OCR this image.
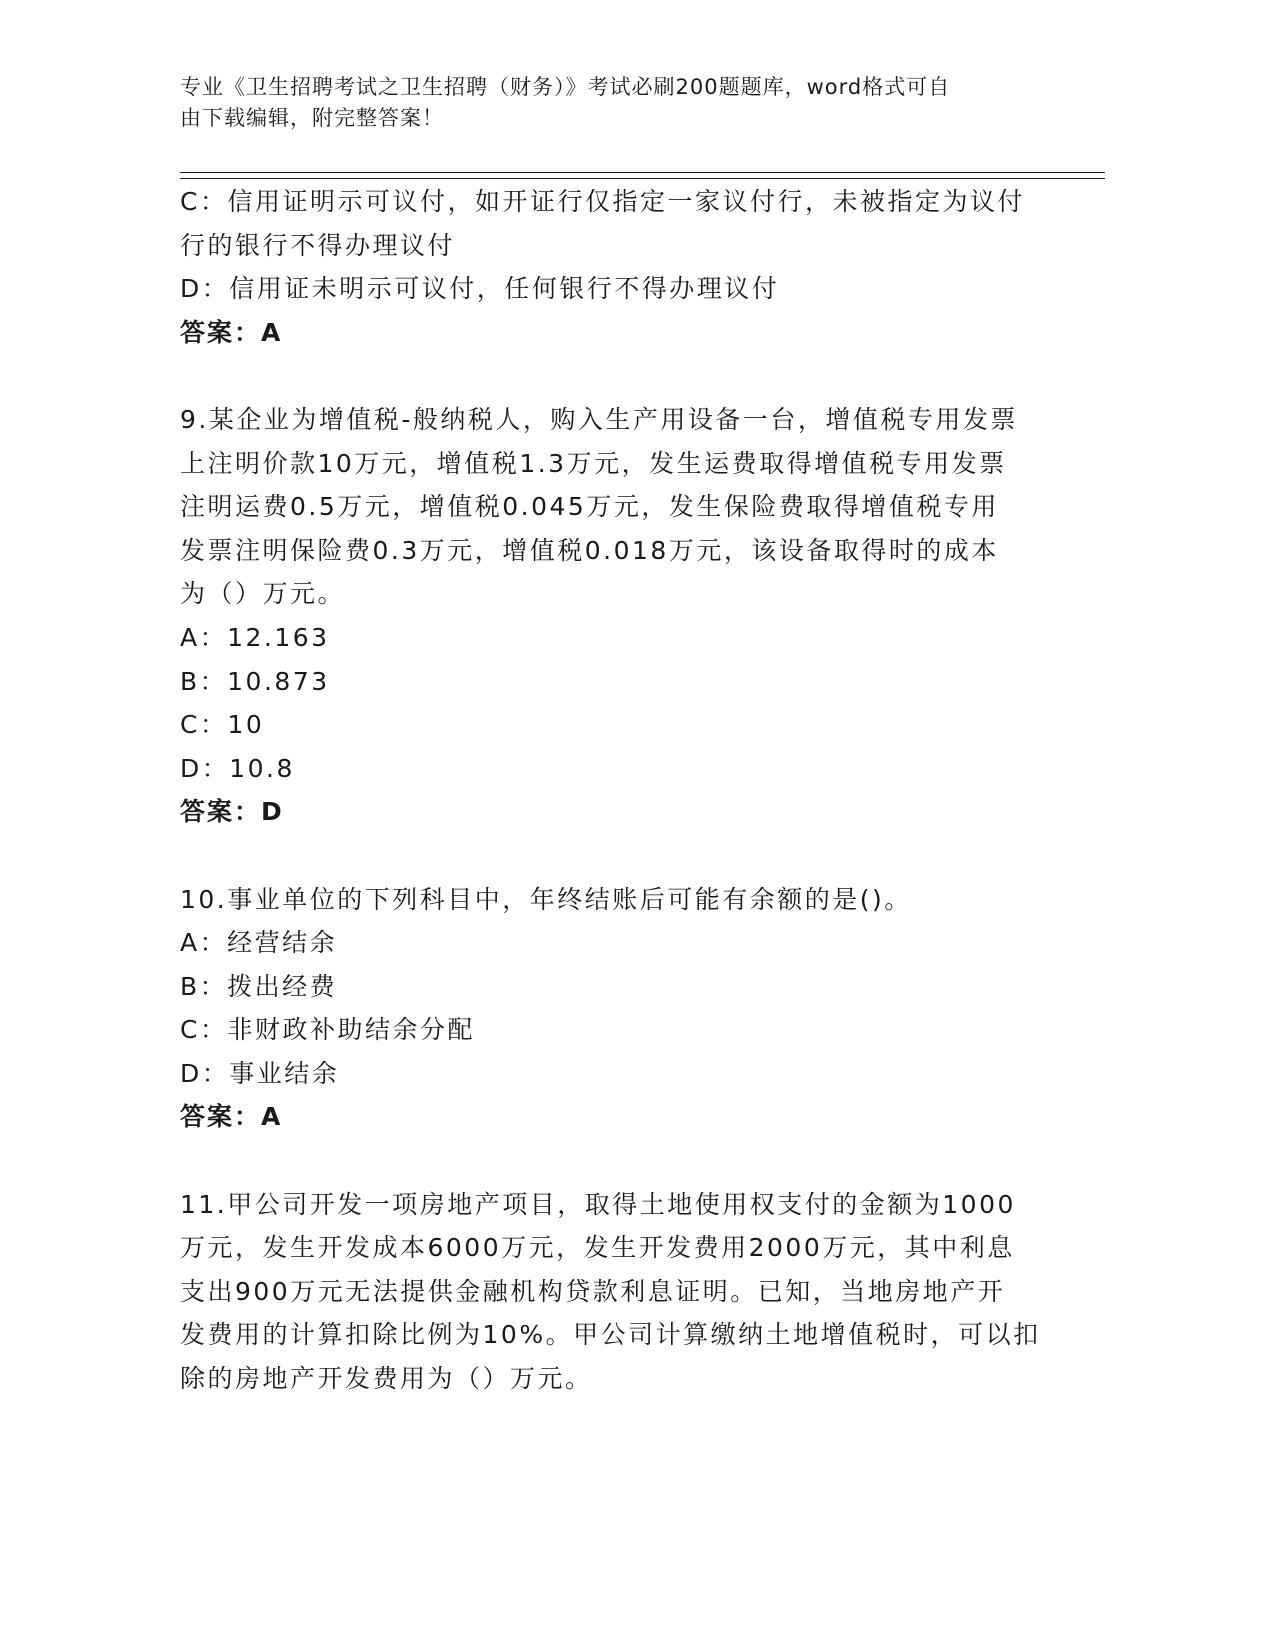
专业《卫生招聘考试之卫生招聘（财务）》考试必刷200题题库，word格式可自
由下载编辑，附完整答案！
C：信用证明示可议付，如开证行仅指定一家议付行，未被指定为议付
行的银行不得办理议付
D：信用证未明示可议付，任何银行不得办理议付
答案：A
9.某企业为增值税-般纳税人，购入生产用设备一台，增值税专用发票
上注明价款10万元，增值税1.3万元，发生运费取得增值税专用发票
注明运费0.5万元，增值税0.045万元，发生保险费取得增值税专用
发票注明保险费0.3万元，增值税0.018万元，该设备取得时的成本
为（）万元。
A：12.163
B：10.873
C：10
D：10.8
答案：D
10.事业单位的下列科目中，年终结账后可能有余额的是()。
A：经营结余
B：拨出经费
C：非财政补助结余分配
D：事业结余
答案：A
11.甲公司开发一项房地产项目，取得土地使用权支付的金额为1000
万元，发生开发成本6000万元，发生开发费用2000万元，其中利息
支出900万元无法提供金融机构贷款利息证明。已知，当地房地产开
发费用的计算扣除比例为10%。甲公司计算缴纳土地增值税时，可以扣
除的房地产开发费用为（）万元。
